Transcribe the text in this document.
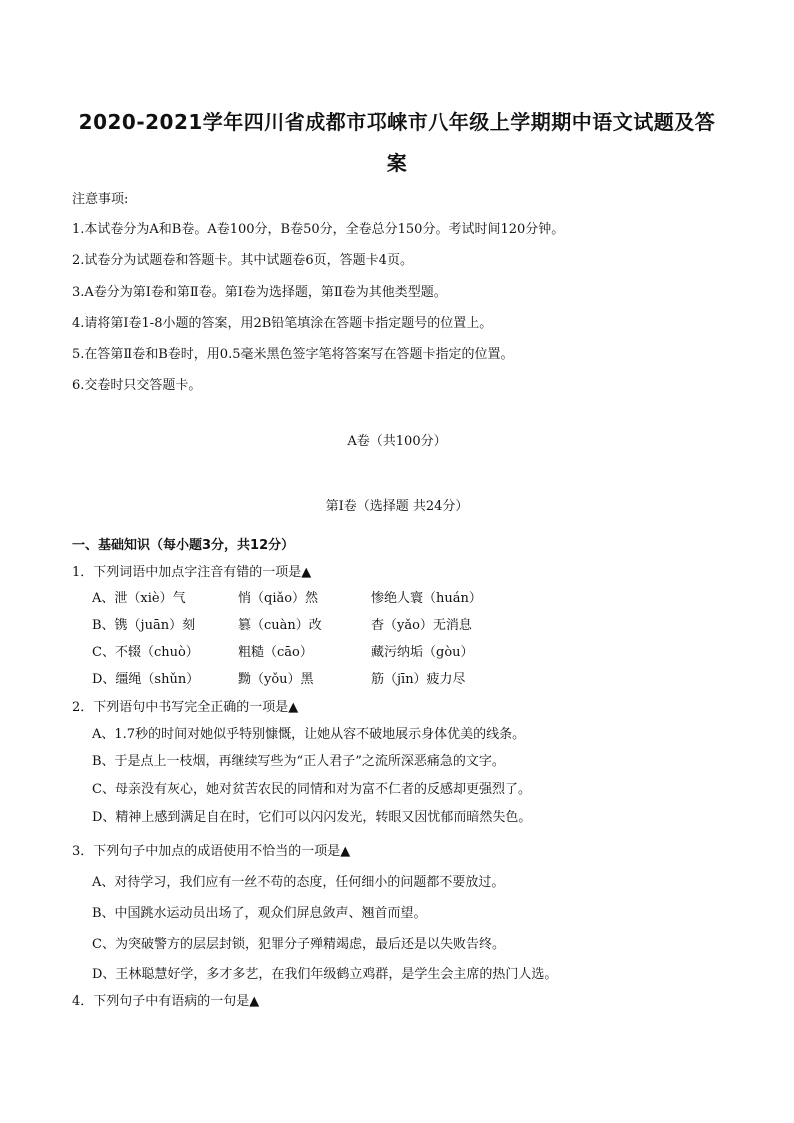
2020-2021学年四川省成都市邛崃市八年级上学期期中语文试题及答
案
注意事项:
1.本试卷分为A和B卷。A卷100分，B卷50分，全卷总分150分。考试时间120分钟。
2.试卷分为试题卷和答题卡。其中试题卷6页，答题卡4页。
3.A卷分为第Ⅰ卷和第Ⅱ卷。第Ⅰ卷为选择题，第Ⅱ卷为其他类型题。
4.请将第Ⅰ卷1-8小题的答案，用2B铅笔填涂在答题卡指定题号的位置上。
5.在答第Ⅱ卷和B卷时，用0.5毫米黑色签字笔将答案写在答题卡指定的位置。
6.交卷时只交答题卡。
A卷（共100分）
第Ⅰ卷（选择题 共24分）
一、基础知识（每小题3分，共12分）
1．下列词语中加点字注音有错的一项是▲
A、泄（xiè）气	悄（qiǎo）然	惨绝人寰（huán）
B、镌（juān）刻	篡（cuàn）改	杳（yǎo）无消息
C、不辍（chuò）	粗糙（cāo）	藏污纳垢（gòu）
D、缰绳（shǔn）	黝（yǒu）黑	筋（jīn）疲力尽
2．下列语句中书写完全正确的一项是▲
A、1.7秒的时间对她似乎特别慷慨，让她从容不破地展示身体优美的线条。
B、于是点上一枝烟，再继续写些为“正人君子”之流所深恶痛急的文字。
C、母亲没有灰心，她对贫苦农民的同情和对为富不仁者的反感却更强烈了。
D、精神上感到满足自在时，它们可以闪闪发光，转眼又因忧郁而暗然失色。
3．下列句子中加点的成语使用不恰当的一项是▲
A、对待学习，我们应有一丝不苟的态度，任何细小的问题都不要放过。
B、中国跳水运动员出场了，观众们屏息敛声、翘首而望。
C、为突破警方的层层封锁，犯罪分子殚精竭虑，最后还是以失败告终。
D、王林聪慧好学，多才多艺，在我们年级鹤立鸡群，是学生会主席的热门人选。
4．下列句子中有语病的一句是▲
